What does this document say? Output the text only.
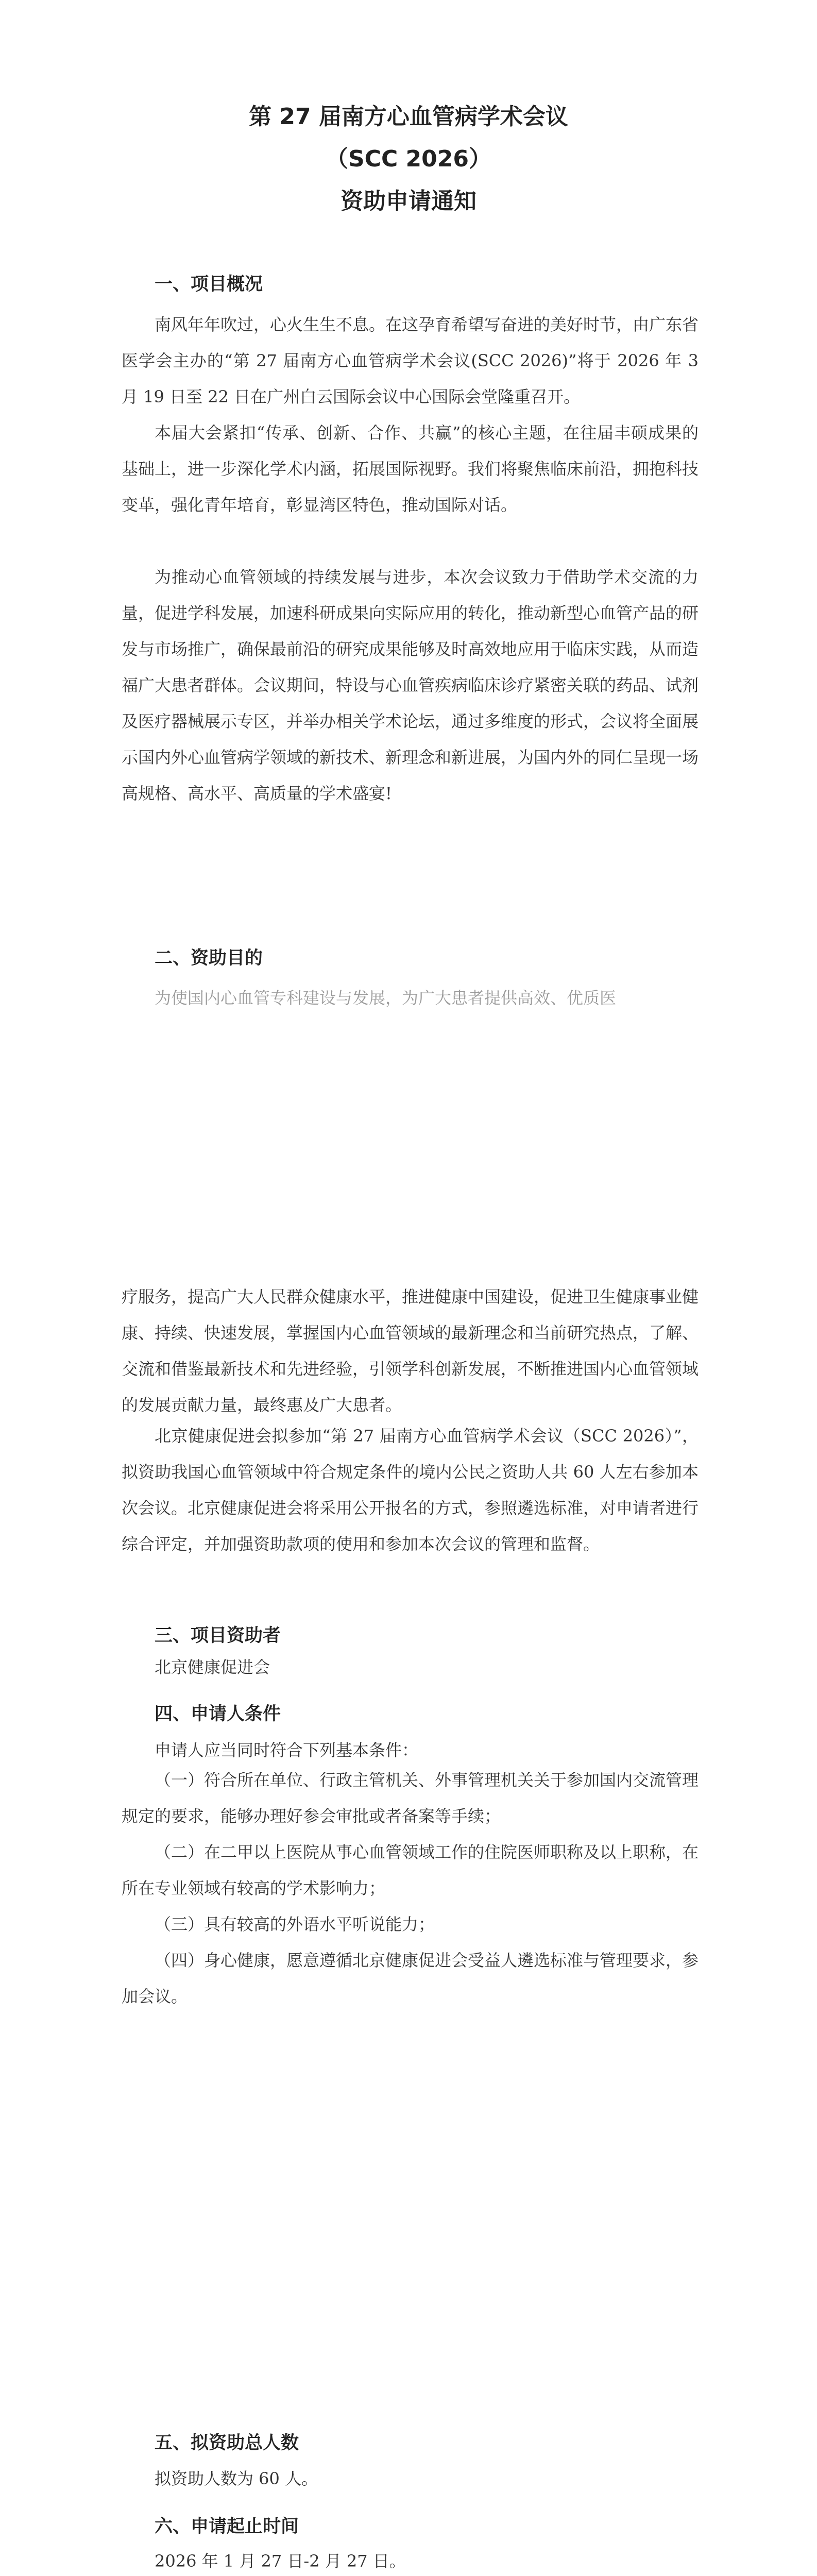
第 27 届南方心血管病学术会议
（SCC 2026）
资助申请通知
一、项目概况

南风年年吹过，心火生生不息。在这孕育希望写奋进的美好时节，由广东省医学会主办的“第 27 届南方心血管病学术会议(SCC 2026)”将于 2026 年 3 月 19 日至 22 日在广州白云国际会议中心国际会堂隆重召开。

本届大会紧扣“传承、创新、合作、共赢”的核心主题，在往届丰硕成果的基础上，进一步深化学术内涵，拓展国际视野。我们将聚焦临床前沿，拥抱科技变革，强化青年培育，彰显湾区特色，推动国际对话。

为推动心血管领域的持续发展与进步，本次会议致力于借助学术交流的力量，促进学科发展，加速科研成果向实际应用的转化，推动新型心血管产品的研发与市场推广，确保最前沿的研究成果能够及时高效地应用于临床实践，从而造福广大患者群体。会议期间，特设与心血管疾病临床诊疗紧密关联的药品、试剂及医疗器械展示专区，并举办相关学术论坛，通过多维度的形式，会议将全面展示国内外心血管病学领域的新技术、新理念和新进展，为国内外的同仁呈现一场高规格、高水平、高质量的学术盛宴!

二、资助目的

为使国内心血管专科建设与发展，为广大患者提供高效、优质医

疗服务，提高广大人民群众健康水平，推进健康中国建设，促进卫生健康事业健康、持续、快速发展，掌握国内心血管领域的最新理念和当前研究热点，了解、交流和借鉴最新技术和先进经验，引领学科创新发展，不断推进国内心血管领域的发展贡献力量，最终惠及广大患者。

北京健康促进会拟参加“第 27 届南方心血管病学术会议（SCC 2026）”，拟资助我国心血管领域中符合规定条件的境内公民之资助人共 60 人左右参加本次会议。北京健康促进会将采用公开报名的方式，参照遴选标准，对申请者进行综合评定，并加强资助款项的使用和参加本次会议的管理和监督。

三、项目资助者

北京健康促进会

四、申请人条件

申请人应当同时符合下列基本条件：

（一）符合所在单位、行政主管机关、外事管理机关关于参加国内交流管理规定的要求，能够办理好参会审批或者备案等手续；

（二）在二甲以上医院从事心血管领域工作的住院医师职称及以上职称，在所在专业领域有较高的学术影响力；

（三）具有较高的外语水平听说能力；

（四）身心健康，愿意遵循北京健康促进会受益人遴选标准与管理要求，参加会议。

五、拟资助总人数

拟资助人数为 60 人。

六、申请起止时间

2026 年 1 月 27 日-2 月 27 日。
